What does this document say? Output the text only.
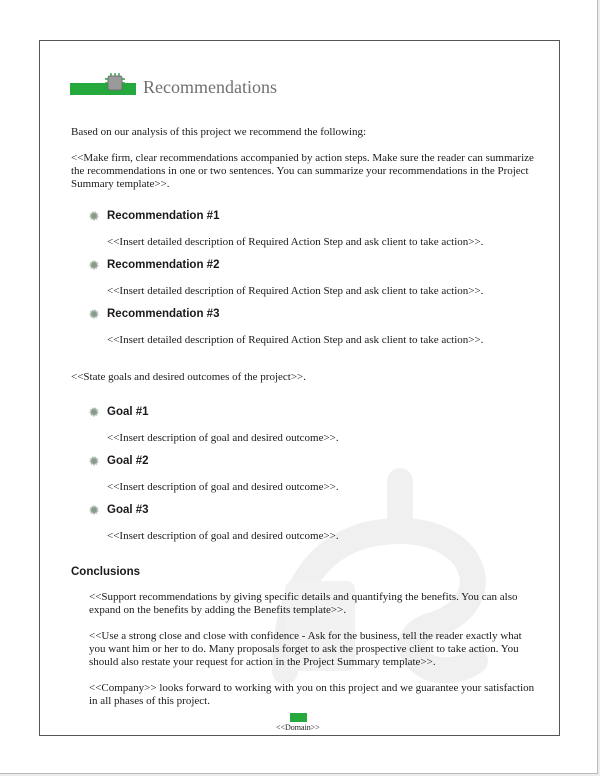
Recommendations
Based on our analysis of this project we recommend the following:
<<Make firm, clear recommendations accompanied by action steps. Make sure the reader can summarize
the recommendations in one or two sentences. You can summarize your recommendations in the Project
Summary template>>.
Recommendation #1
<<Insert detailed description of Required Action Step and ask client to take action>>.
Recommendation #2
<<Insert detailed description of Required Action Step and ask client to take action>>.
Recommendation #3
<<Insert detailed description of Required Action Step and ask client to take action>>.
<<State goals and desired outcomes of the project>>.
Goal #1
<<Insert description of goal and desired outcome>>.
Goal #2
<<Insert description of goal and desired outcome>>.
Goal #3
<<Insert description of goal and desired outcome>>.
Conclusions
<<Support recommendations by giving specific details and quantifying the benefits. You can also
expand on the benefits by adding the Benefits template>>.
<<Use a strong close and close with confidence - Ask for the business, tell the reader exactly what
you want him or her to do. Many proposals forget to ask the prospective client to take action. You
should also restate your request for action in the Project Summary template>>.
<<Company>> looks forward to working with you on this project and we guarantee your satisfaction
in all phases of this project.
<<Domain>>
